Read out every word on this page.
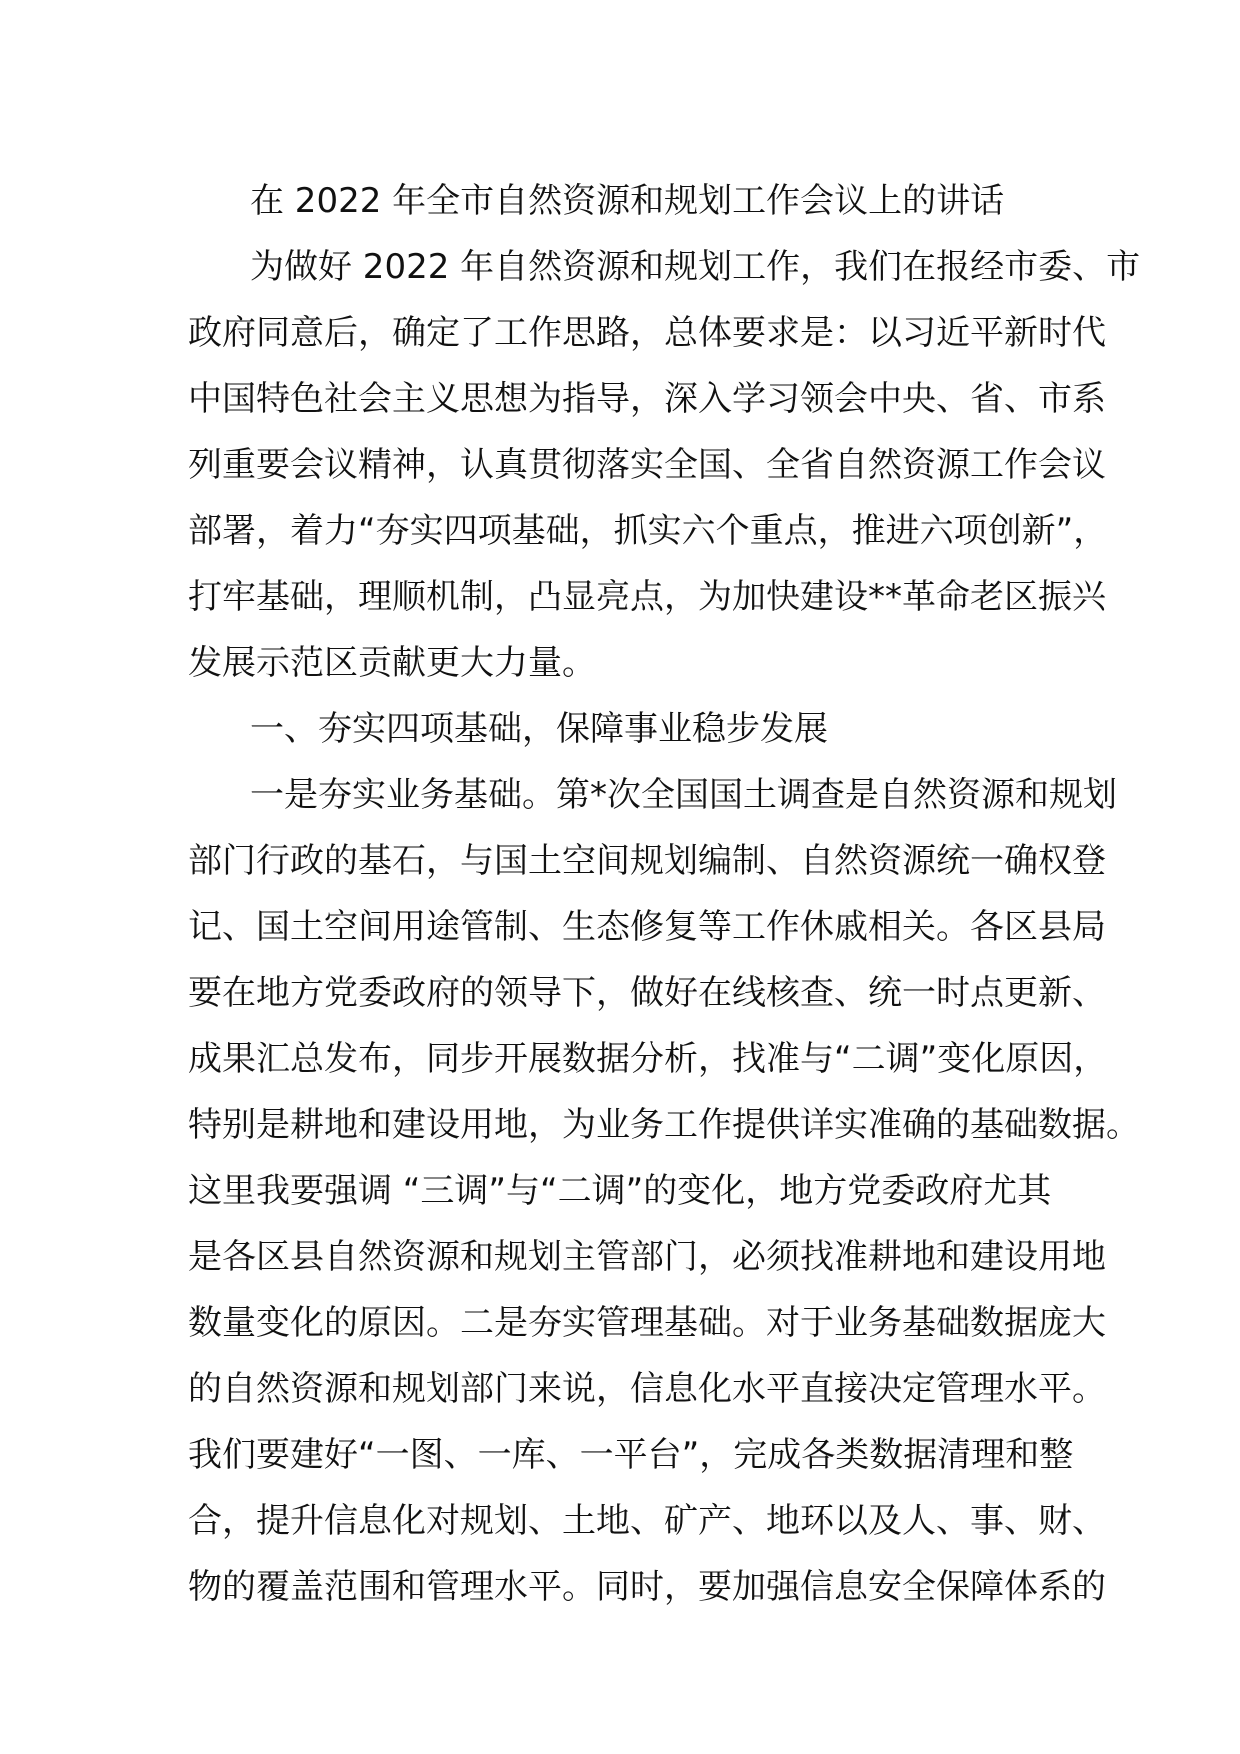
在 2022 年全市自然资源和规划工作会议上的讲话
为做好 2022 年自然资源和规划工作，我们在报经市委、市
政府同意后，确定了工作思路，总体要求是：以习近平新时代
中国特色社会主义思想为指导，深入学习领会中央、省、市系
列重要会议精神，认真贯彻落实全国、全省自然资源工作会议
部署，着力“夯实四项基础，抓实六个重点，推进六项创新”，
打牢基础，理顺机制，凸显亮点，为加快建设**革命老区振兴
发展示范区贡献更大力量。
一、夯实四项基础，保障事业稳步发展
一是夯实业务基础。第*次全国国土调查是自然资源和规划
部门行政的基石，与国土空间规划编制、自然资源统一确权登
记、国土空间用途管制、生态修复等工作休戚相关。各区县局
要在地方党委政府的领导下，做好在线核查、统一时点更新、
成果汇总发布，同步开展数据分析，找准与“二调”变化原因，
特别是耕地和建设用地，为业务工作提供详实准确的基础数据。
这里我要强调 “三调”与“二调”的变化，地方党委政府尤其
是各区县自然资源和规划主管部门，必须找准耕地和建设用地
数量变化的原因。二是夯实管理基础。对于业务基础数据庞大
的自然资源和规划部门来说，信息化水平直接决定管理水平。
我们要建好“一图、一库、一平台”，完成各类数据清理和整
合，提升信息化对规划、土地、矿产、地环以及人、事、财、
物的覆盖范围和管理水平。同时，要加强信息安全保障体系的
